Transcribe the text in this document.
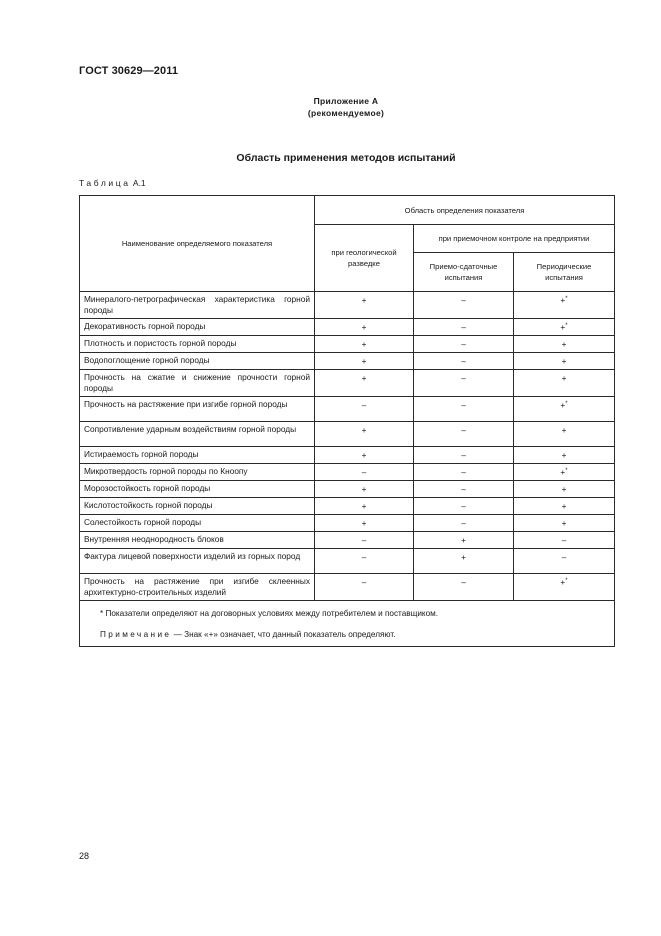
ГОСТ 30629—2011
Приложение А
(рекомендуемое)
Область применения методов испытаний
Таблица А.1
Наименование определяемого показателя	Область определения показателя		
	при геологической разведке	при приемочном контроле на предприятии	
		Приемо-сдаточные испытания	Периодические испытания
Минералого-петрографическая характеристика горной породы	+	–	+*
Декоративность горной породы	+	–	+*
Плотность и пористость горной породы	+	–	+
Водопоглощение горной породы	+	–	+
Прочность на сжатие и снижение прочности горной породы	+	–	+
Прочность на растяжение при изгибе горной породы	–	–	+*
Сопротивление ударным воздействиям горной породы	+	–	+
Истираемость горной породы	+	–	+
Микротвердость горной породы по Кноопу	–	–	+*
Морозостойкость горной породы	+	–	+
Кислотостойкость горной породы	+	–	+
Солестойкость горной породы	+	–	+
Внутренняя неоднородность блоков	–	+	–
Фактура лицевой поверхности изделий из горных пород	–	+	–
Прочность на растяжение при изгибе склеенных архитектурно-строительных изделий	–	–	+*

* Показатели определяют на договорных условиях между потребителем и поставщиком.
Примечание — Знак «+» означает, что данный показатель определяют.			
28
